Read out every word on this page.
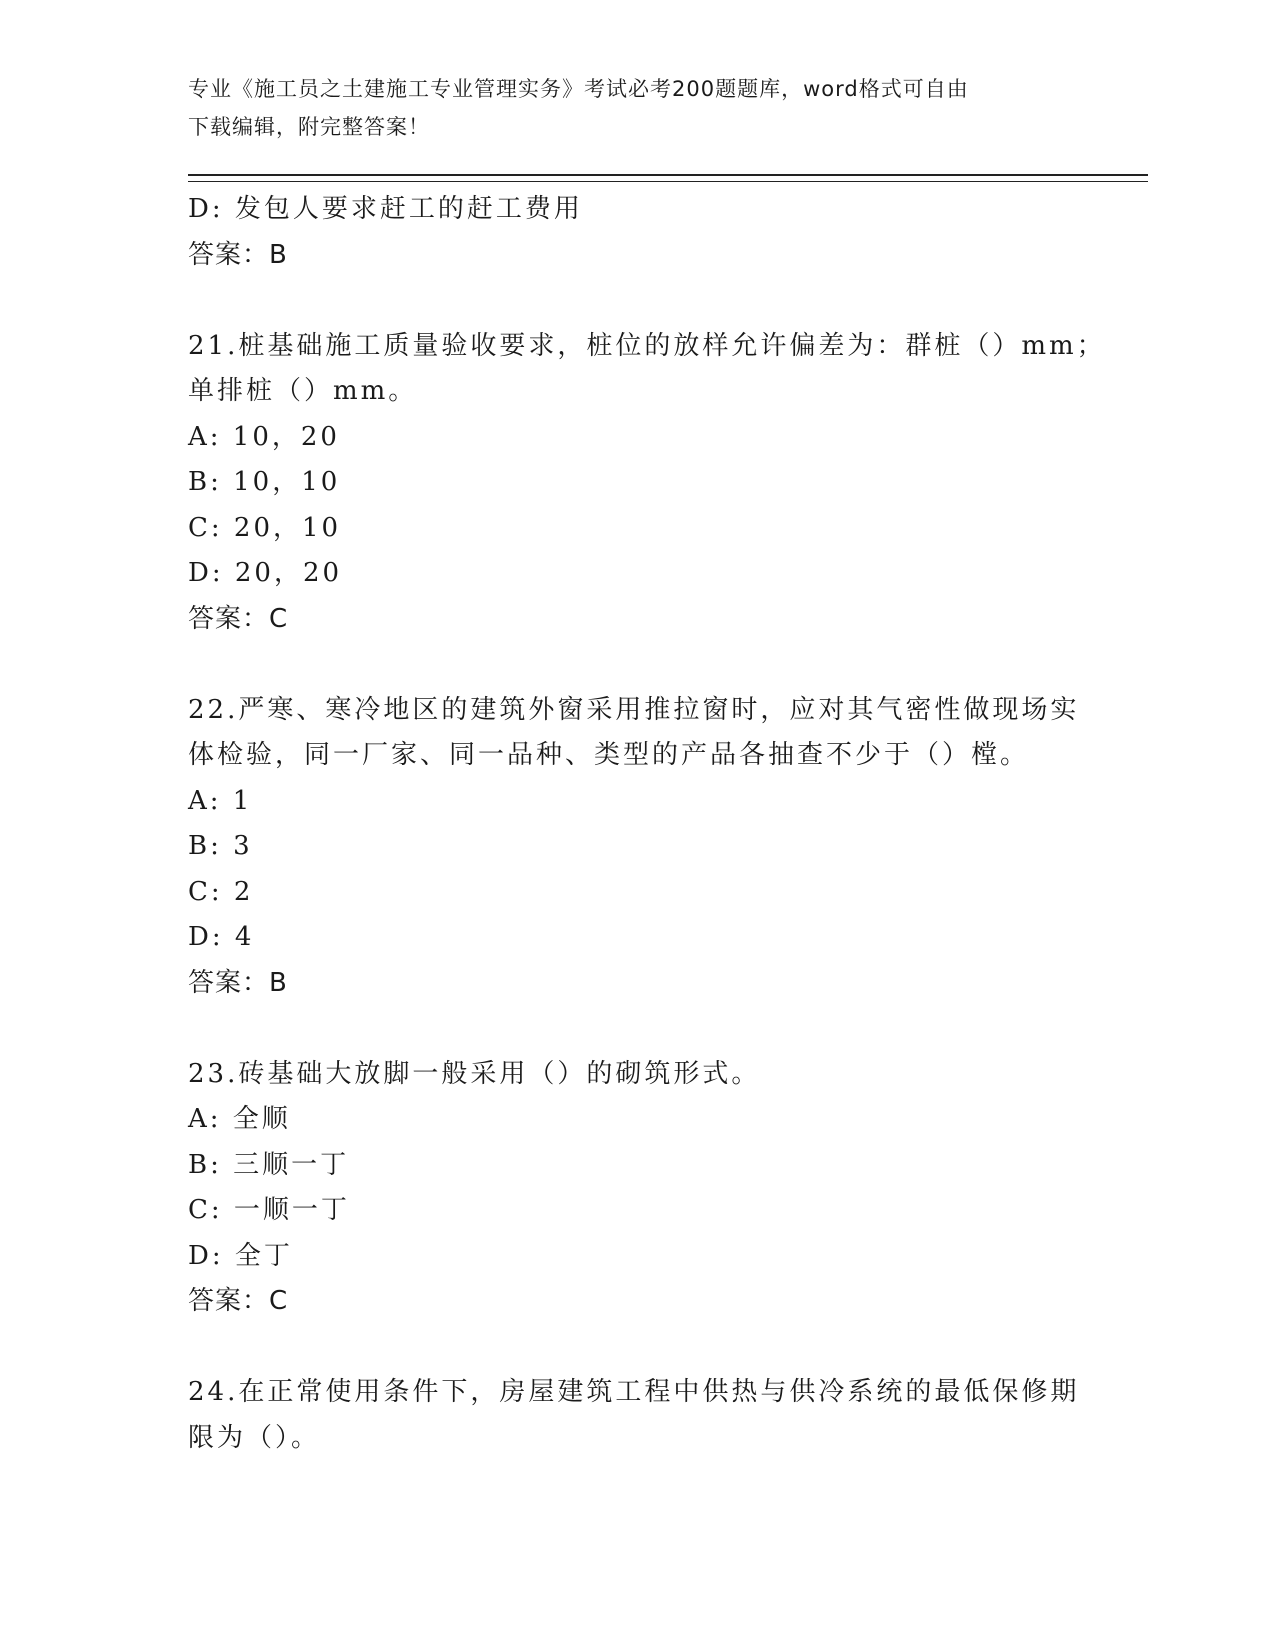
专业《施工员之土建施工专业管理实务》考试必考200题题库，word格式可自由
下载编辑，附完整答案！
D: 发包人要求赶工的赶工费用
答案：B
21.桩基础施工质量验收要求，桩位的放样允许偏差为：群桩（）mm；
单排桩（）mm。
A: 10，20
B: 10，10
C: 20，10
D: 20，20
答案：C
22.严寒、寒冷地区的建筑外窗采用推拉窗时，应对其气密性做现场实
体检验，同一厂家、同一品种、类型的产品各抽查不少于（）樘。
A: 1
B: 3
C: 2
D: 4
答案：B
23.砖基础大放脚一般采用（）的砌筑形式。
A: 全顺
B: 三顺一丁
C: 一顺一丁
D: 全丁
答案：C
24.在正常使用条件下，房屋建筑工程中供热与供冷系统的最低保修期
限为（）。
